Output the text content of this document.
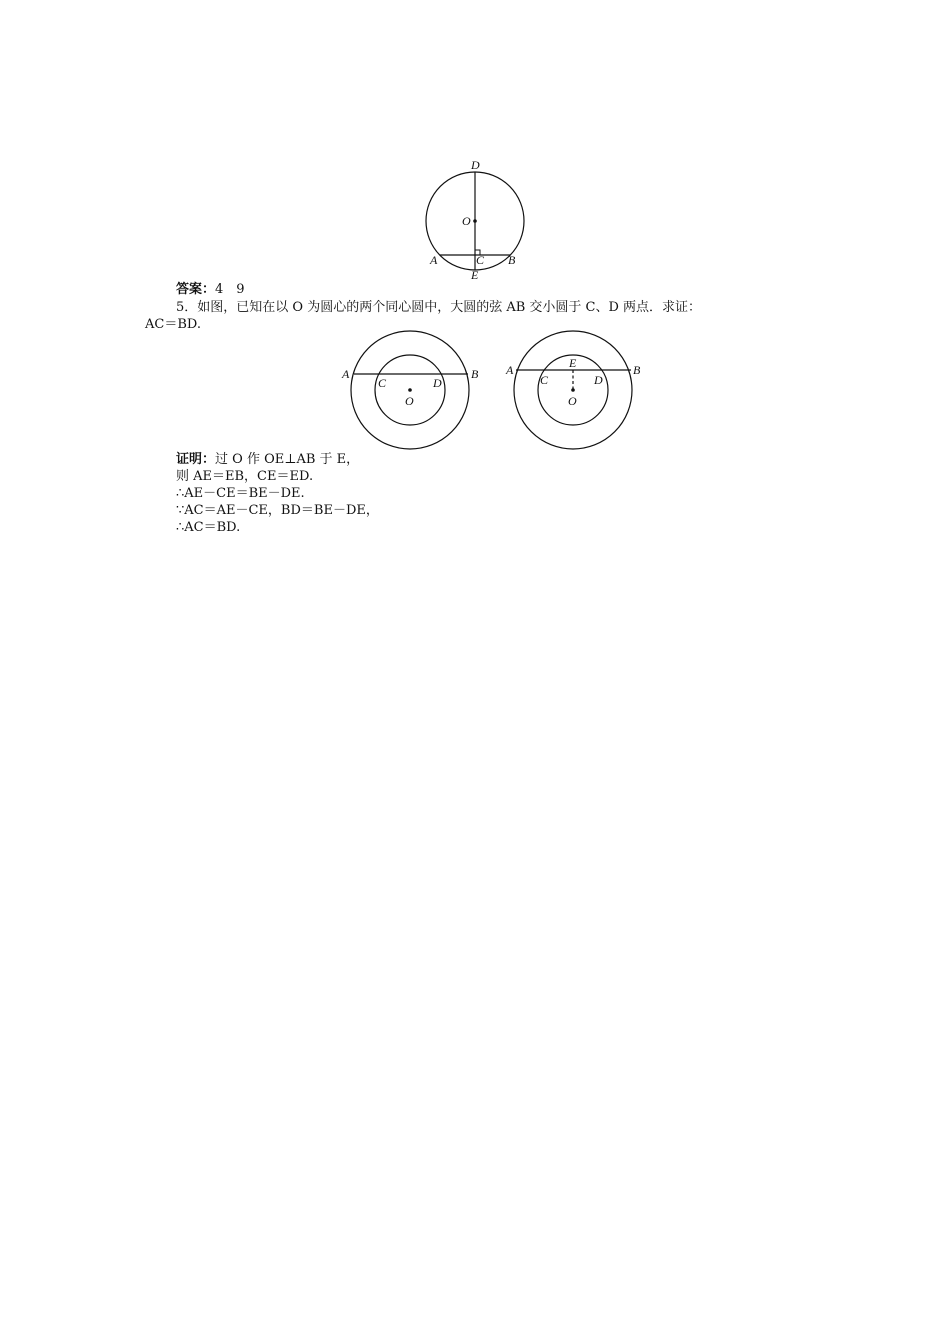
D
O
A	C
E
B
答案：4　9
5．如图，已知在以 O 为圆心的两个同心圆中，大圆的弦 AB 交小圆于 C、D 两点．求证：
AC＝BD.
A
C	D
B
O
A	E
C	D
B
O
证明：过 O 作 OE⊥AB 于 E，
则 AE＝EB，CE＝ED.
∴AE－CE＝BE－DE.
∵AC＝AE－CE，BD＝BE－DE，
∴AC＝BD.
